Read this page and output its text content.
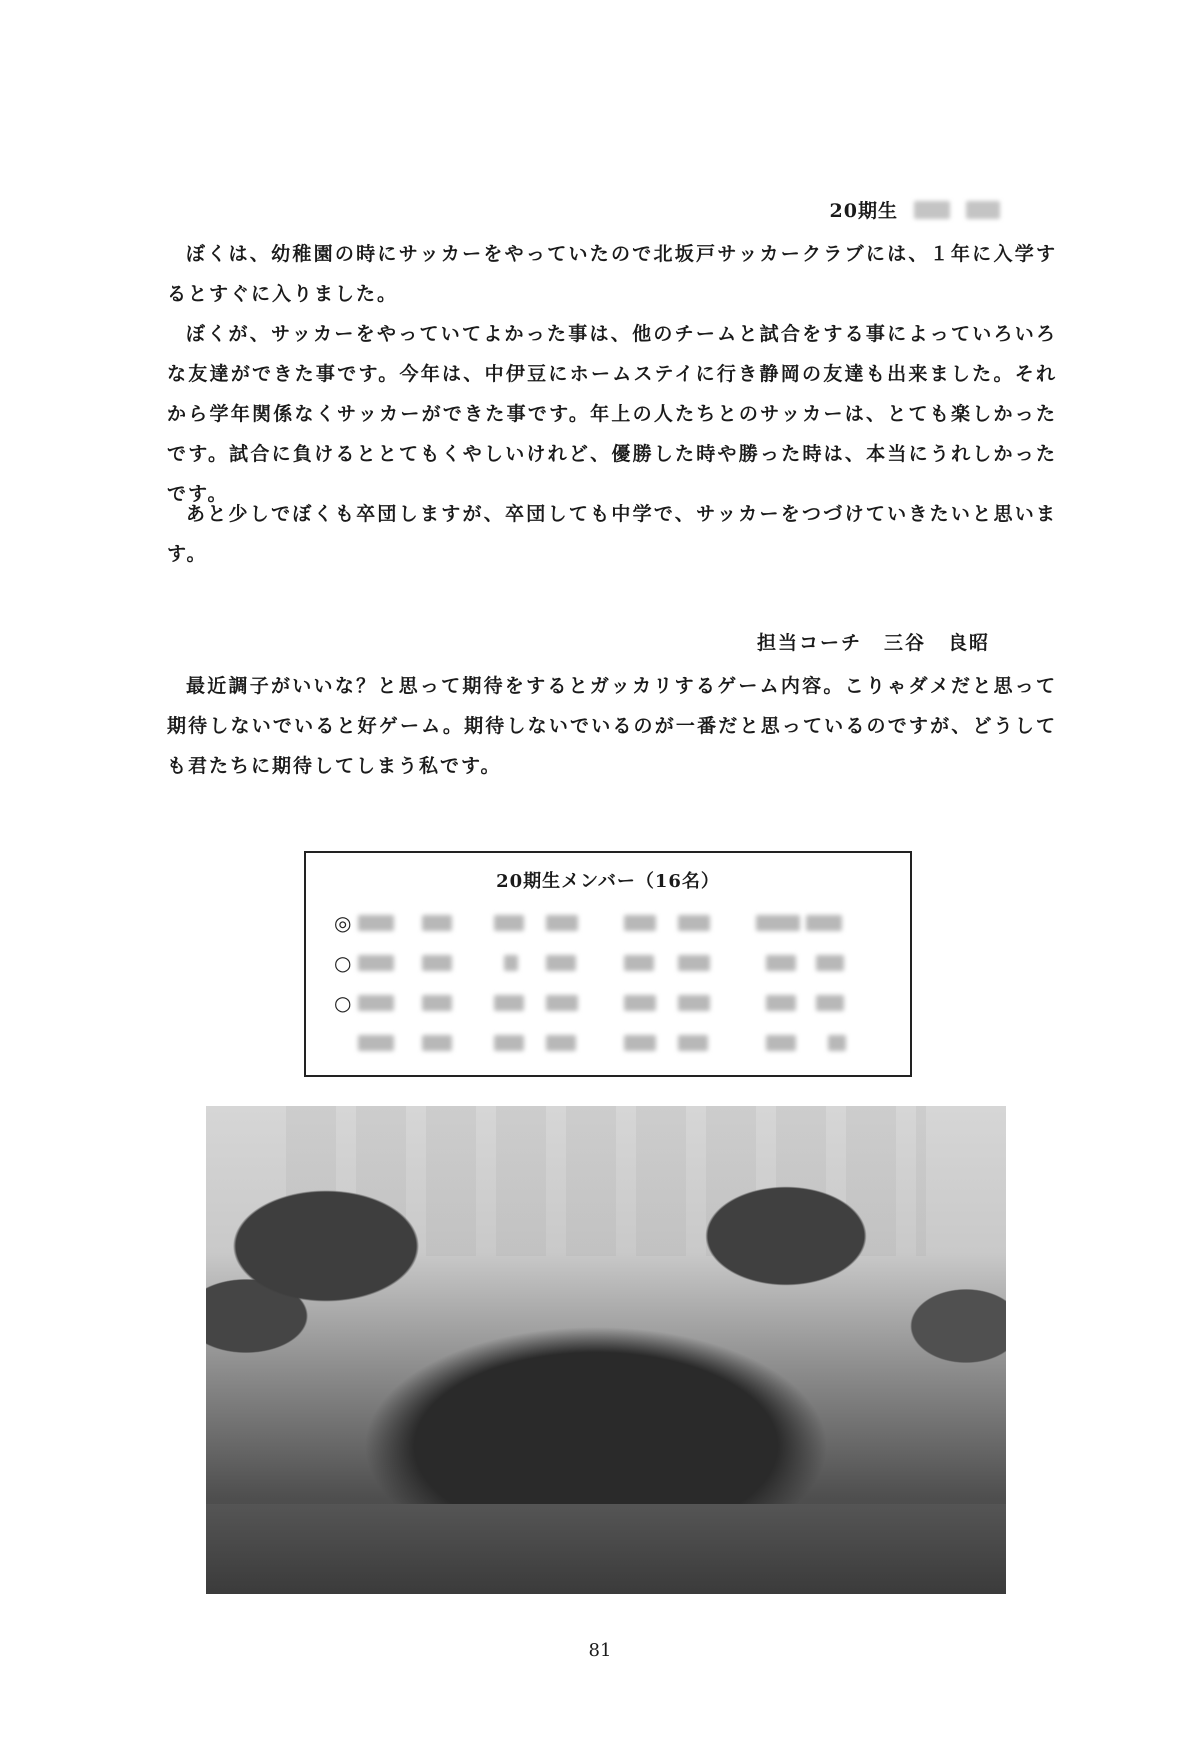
20期生

ぼくは、幼稚園の時にサッカーをやっていたので北坂戸サッカークラブには、１年に入学するとすぐに入りました。

ぼくが、サッカーをやっていてよかった事は、他のチームと試合をする事によっていろいろな友達ができた事です。今年は、中伊豆にホームステイに行き静岡の友達も出来ました。それから学年関係なくサッカーができた事です。年上の人たちとのサッカーは、とても楽しかったです。試合に負けるととてもくやしいけれど、優勝した時や勝った時は、本当にうれしかったです。

あと少しでぼくも卒団しますが、卒団しても中学で、サッカーをつづけていきたいと思います。

担当コーチ 三谷 良昭

最近調子がいいな？と思って期待をするとガッカリするゲーム内容。こりゃダメだと思って期待しないでいると好ゲーム。期待しないでいるのが一番だと思っているのですが、どうしても君たちに期待してしまう私です。

20期生メンバー（16名）
◎
○
○
81
